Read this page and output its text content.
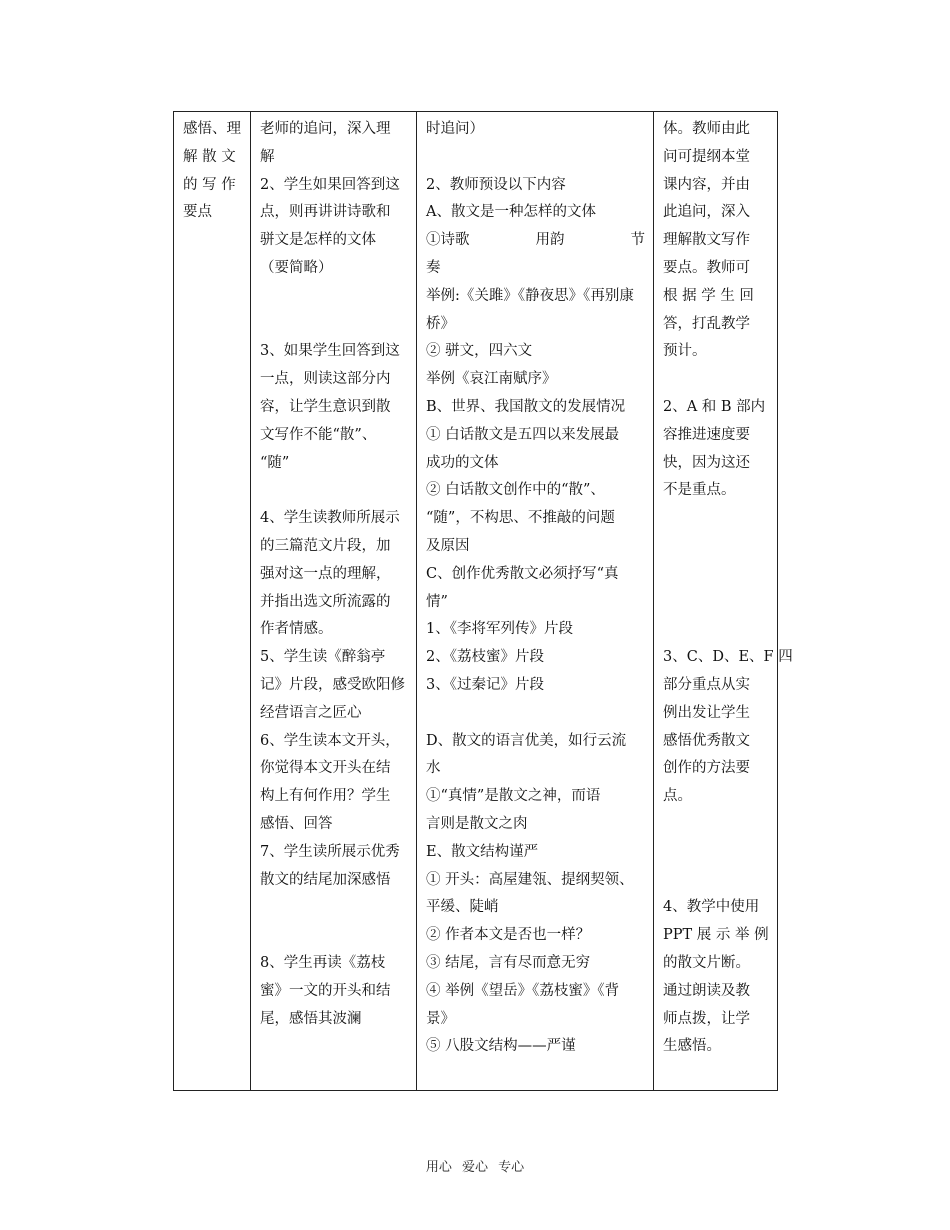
感悟、理
解 散 文
的 写 作
要点

老师的追问，深入理
解
2、学生如果回答到这
点，则再讲讲诗歌和
骈文是怎样的文体
（要简略）
3、如果学生回答到这
一点，则读这部分内
容，让学生意识到散
文写作不能“散”、
“随”
4、学生读教师所展示
的三篇范文片段，加
强对这一点的理解，
并指出选文所流露的
作者情感。
5、学生读《醉翁亭
记》片段，感受欧阳修
经营语言之匠心
6、学生读本文开头，
你觉得本文开头在结
构上有何作用？学生
感悟、回答
7、学生读所展示优秀
散文的结尾加深感悟
8、学生再读《荔枝
蜜》一文的开头和结
尾，感悟其波澜

时追问）
2、教师预设以下内容
A、散文是一种怎样的文体
①诗歌	用韵	节
奏
举例:《关雎》《静夜思》《再别康
桥》
② 骈文，四六文
举例《哀江南赋序》
B、世界、我国散文的发展情况
① 白话散文是五四以来发展最
成功的文体
② 白话散文创作中的“散”、
“随”，不构思、不推敲的问题
及原因
C、创作优秀散文必须抒写“真
情”
1、《李将军列传》片段
2、《荔枝蜜》片段
3、《过秦记》片段
D、散文的语言优美，如行云流
水
①“真情”是散文之神，而语
言则是散文之肉
E、散文结构谨严
① 开头：高屋建瓴、提纲契领、
平缓、陡峭
② 作者本文是否也一样？
③ 结尾，言有尽而意无穷
④ 举例《望岳》《荔枝蜜》《背
景》
⑤ 八股文结构——严谨

体。教师由此
问可提纲本堂
课内容，并由
此追问，深入
理解散文写作
要点。教师可
根 据 学 生 回
答，打乱教学
预计。
2、A 和 B 部内
容推进速度要
快，因为这还
不是重点。
3、C、D、E、F 四
部分重点从实
例出发让学生
感悟优秀散文
创作的方法要
点。
4、教学中使用
PPT 展 示 举 例
的散文片断。
通过朗读及教
师点拨，让学
生感悟。
用心 爱心 专心
